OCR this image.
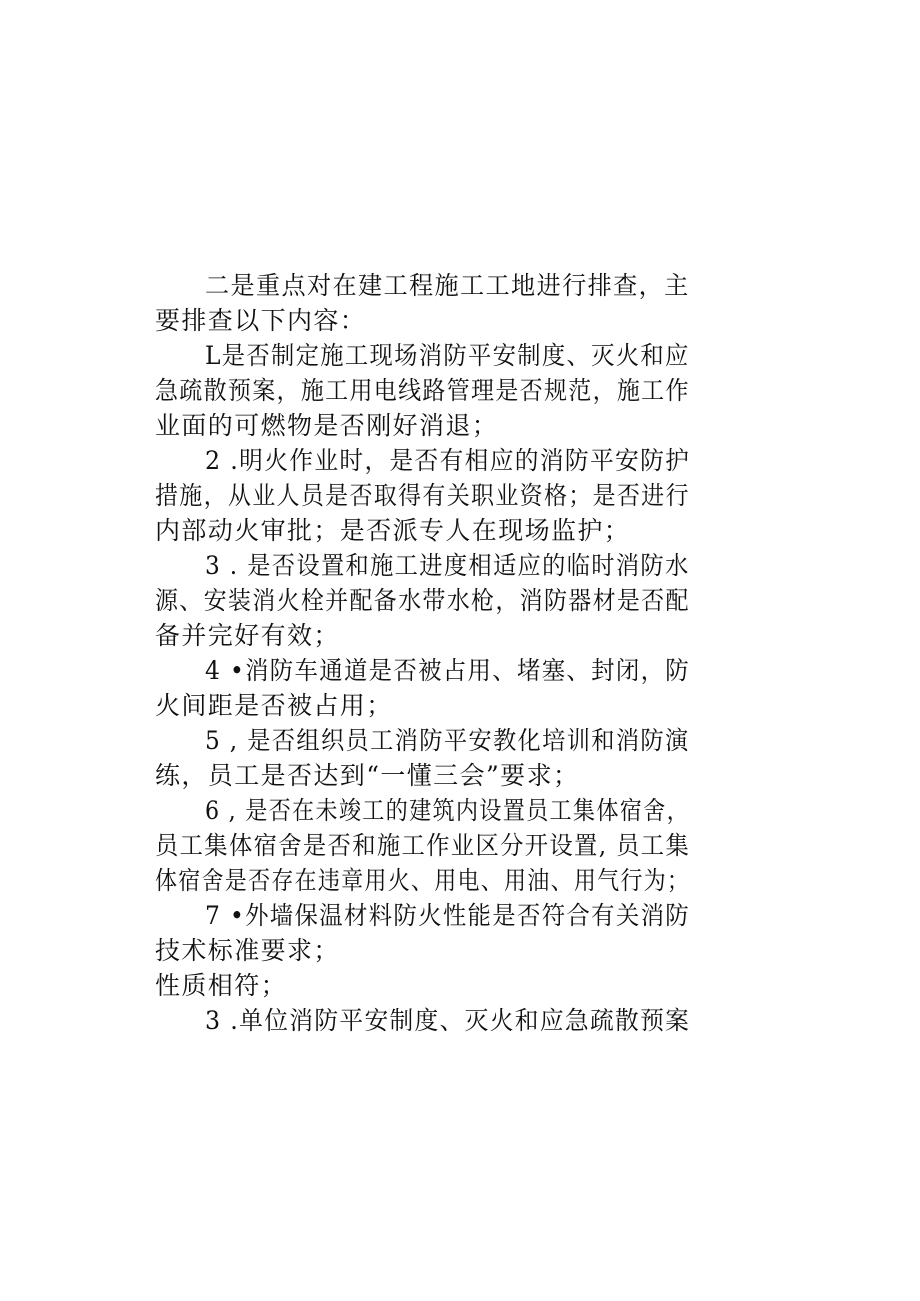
二是重点对在建工程施工工地进行排查，主
要排查以下内容：
L是否制定施工现场消防平安制度、灭火和应
急疏散预案，施工用电线路管理是否规范，施工作
业面的可燃物是否刚好消退；
2 .明火作业时，是否有相应的消防平安防护
措施，从业人员是否取得有关职业资格；是否进行
内部动火审批；是否派专人在现场监护；
3 . 是否设置和施工进度相适应的临时消防水
源、安装消火栓并配备水带水枪，消防器材是否配
备并完好有效；
4 •消防车通道是否被占用、堵塞、封闭，防
火间距是否被占用；
5 , 是否组织员工消防平安教化培训和消防演
练，员工是否达到“一懂三会”要求；
6 , 是否在未竣工的建筑内设置员工集体宿舍，
员工集体宿舍是否和施工作业区分开设置, 员工集
体宿舍是否存在违章用火、用电、用油、用气行为；
7 •外墙保温材料防火性能是否符合有关消防
技术标准要求；
性质相符；
3 .单位消防平安制度、灭火和应急疏散预案
